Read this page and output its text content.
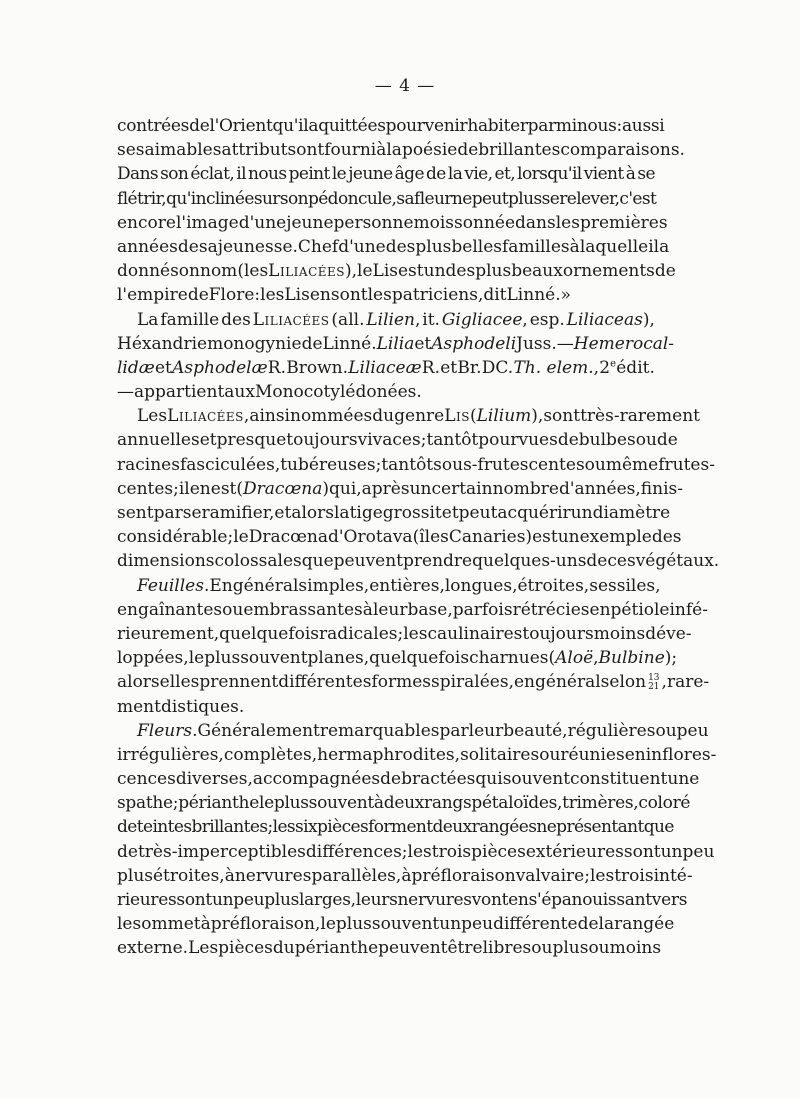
— 4 —
contrées de l'Orient qu'il a quittées pour venir habiter parmi nous : aussi
ses aimables attributs ont fourni à la poésie de brillantes comparaisons.
Dans son éclat, il nous peint le jeune âge de la vie, et, lorsqu'il vient à se
flétrir, qu'inclinée sur son pédoncule, sa fleur ne peut plus se relever, c'est
encore l'image d'une jeune personne moissonnée dans les premières
années de sa jeunesse. Chef d'une des plus belles familles à laquelle il a
donné son nom (les Liliacées), le Lis est un des plus beaux ornements de
l'empire de Flore : les Lis en sont les patriciens, dit Linné. »
La famille des Liliacées (all. Lilien, it. Gigliacee, esp. Liliaceas),
Héxandrie monogynie de Linné. Lilia et Asphodeli Juss. — Hemerocal-
lidæ et Asphodelæ R. Brown. Liliaceæ R. et Br. DC. Th. elem., 2e édit.
— appartient aux Monocotylédonées.
Les Liliacées, ainsi nommées du genre Lis (Lilium), sont très-rarement
annuelles et presque toujours vivaces; tantôt pourvues de bulbes ou de
racines fasciculées, tubéreuses; tantôt sous-frutescentes ou même frutes-
centes; il en est (Dracœna) qui, après un certain nombre d'années, finis-
sent par se ramifier, et alors la tige grossit et peut acquérir un diamètre
considérable; le Dracœna d'Orotava (îles Canaries) est un exemple des
dimensions colossales que peuvent prendre quelques-uns de ces végétaux.
Feuilles. En général simples, entières, longues, étroites, sessiles,
engaînantes ou embrassantes à leur base, parfois rétrécies en pétiole infé-
rieurement, quelquefois radicales; les caulinaires toujours moins déve-
loppées, le plus souvent planes, quelquefois charnues (Aloë, Bulbine);
alors elles prennent différentes formes spiralées, en général selon 13
21 , rare-
ment distiques.
Fleurs. Généralement remarquables par leur beauté, régulières ou peu
irrégulières, complètes, hermaphrodites, solitaires ou réunies en inflores-
cences diverses, accompagnées de bractées qui souvent constituent une
spathe; périanthe le plus souvent à deux rangs pétaloïdes, trimères, coloré
de teintes brillantes; les six pièces forment deux rangées ne présentant que
de très-imperceptibles différences; les trois pièces extérieures sont un peu
plus étroites, à nervures parallèles, à préfloraison valvaire; les trois inté-
rieures sont un peu plus larges, leurs nervures vont en s'épanouissant vers
le sommet à préfloraison, le plus souvent un peu différente de la rangée
externe. Les pièces du périanthe peuvent être libres ou plus ou moins
